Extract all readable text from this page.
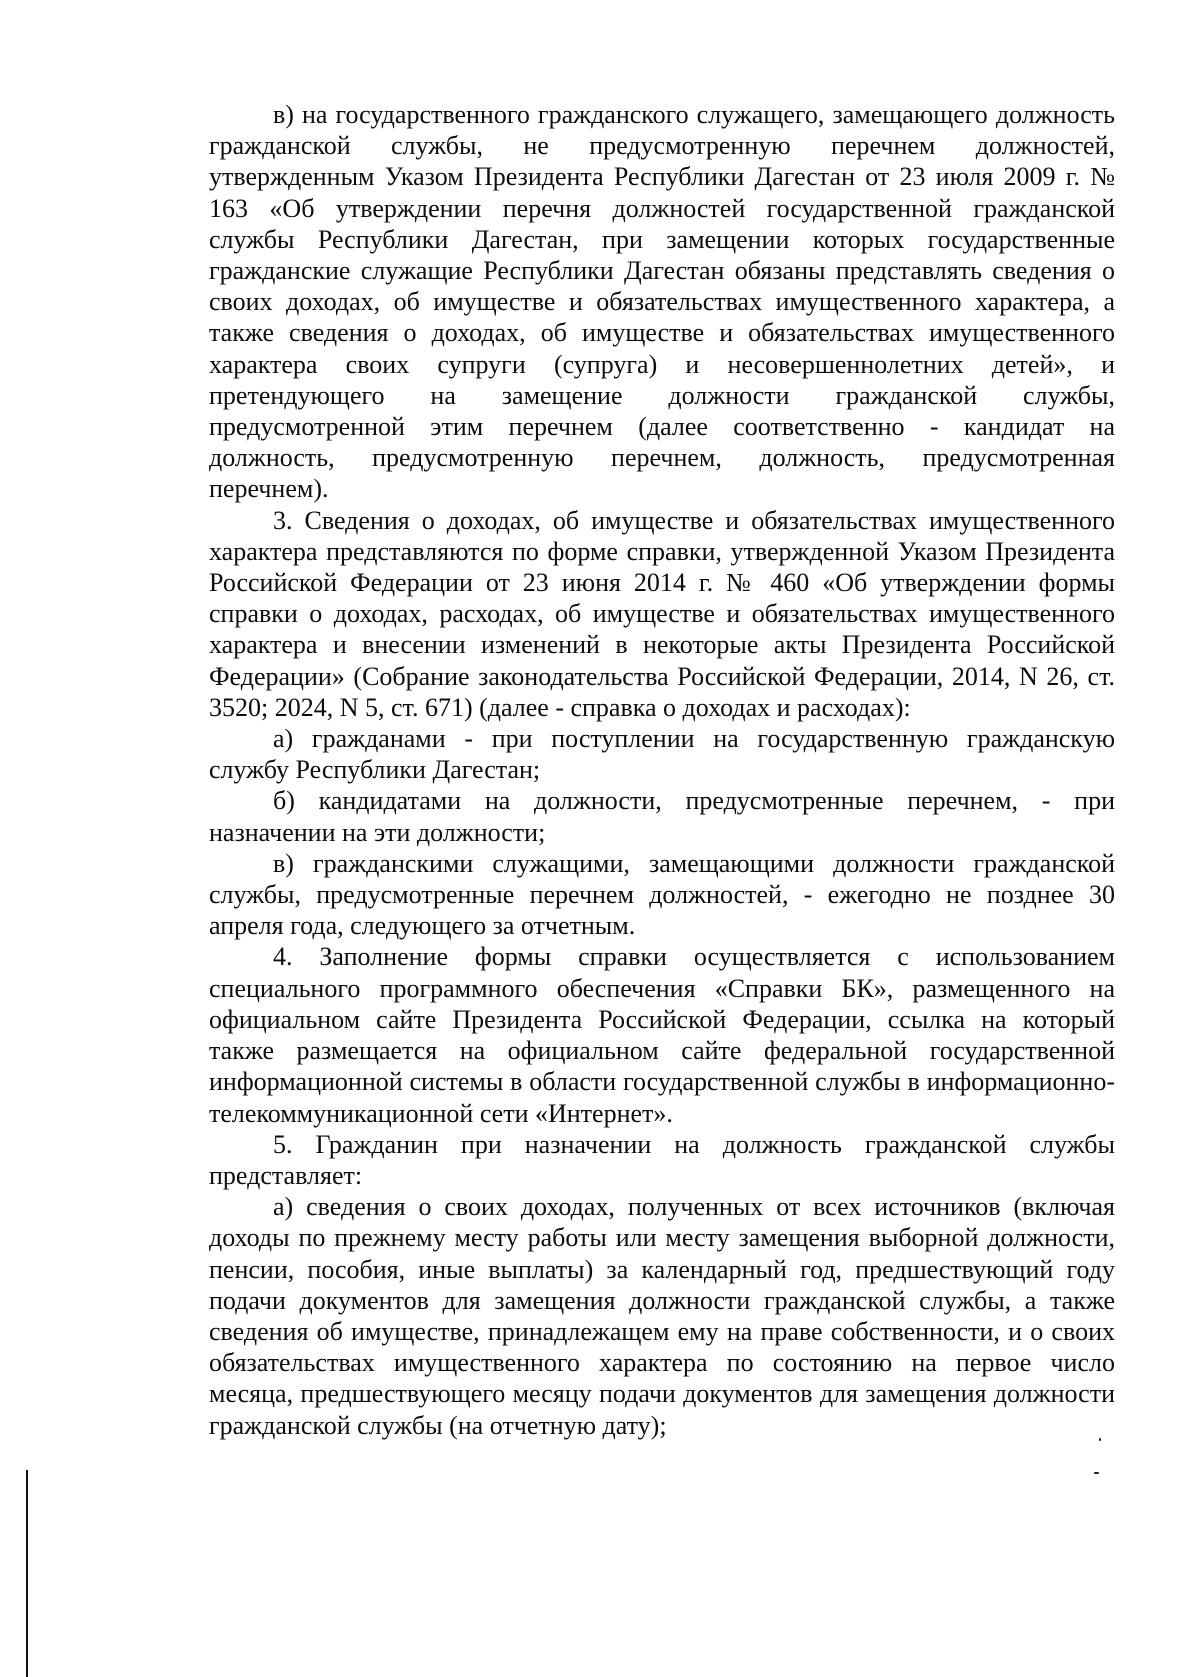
в) на государственного гражданского служащего, замещающего должность гражданской службы, не предусмотренную перечнем должностей, утвержденным Указом Президента Республики Дагестан от 23 июля 2009 г. № 163 «Об утверждении перечня должностей государственной гражданской службы Республики Дагестан, при замещении которых государственные гражданские служащие Республики Дагестан обязаны представлять сведения о своих доходах, об имуществе и обязательствах имущественного характера, а также сведения о доходах, об имуществе и обязательствах имущественного характера своих супруги (супруга) и несовершеннолетних детей», и претендующего на замещение должности гражданской службы, предусмотренной этим перечнем (далее соответственно - кандидат на должность, предусмотренную перечнем, должность, предусмотренная перечнем).

3. Сведения о доходах, об имуществе и обязательствах имущественного характера представляются по форме справки, утвержденной Указом Президента Российской Федерации от 23 июня 2014 г. № 460 «Об утверждении формы справки о доходах, расходах, об имуществе и обязательствах имущественного характера и внесении изменений в некоторые акты Президента Российской Федерации» (Собрание законодательства Российской Федерации, 2014, N 26, ст. 3520; 2024, N 5, ст. 671) (далее - справка о доходах и расходах):

а) гражданами - при поступлении на государственную гражданскую службу Республики Дагестан;

б) кандидатами на должности, предусмотренные перечнем, - при назначении на эти должности;

в) гражданскими служащими, замещающими должности гражданской службы, предусмотренные перечнем должностей, - ежегодно не позднее 30 апреля года, следующего за отчетным.

4. Заполнение формы справки осуществляется с использованием специального программного обеспечения «Справки БК», размещенного на официальном сайте Президента Российской Федерации, ссылка на который также размещается на официальном сайте федеральной государственной информационной системы в области государственной службы в информационно-телекоммуникационной сети «Интернет».

5. Гражданин при назначении на должность гражданской службы представляет:

а) сведения о своих доходах, полученных от всех источников (включая доходы по прежнему месту работы или месту замещения выборной должности, пенсии, пособия, иные выплаты) за календарный год, предшествующий году подачи документов для замещения должности гражданской службы, а также сведения об имуществе, принадлежащем ему на праве собственности, и о своих обязательствах имущественного характера по состоянию на первое число месяца, предшествующего месяцу подачи документов для замещения должности гражданской службы (на отчетную дату);
